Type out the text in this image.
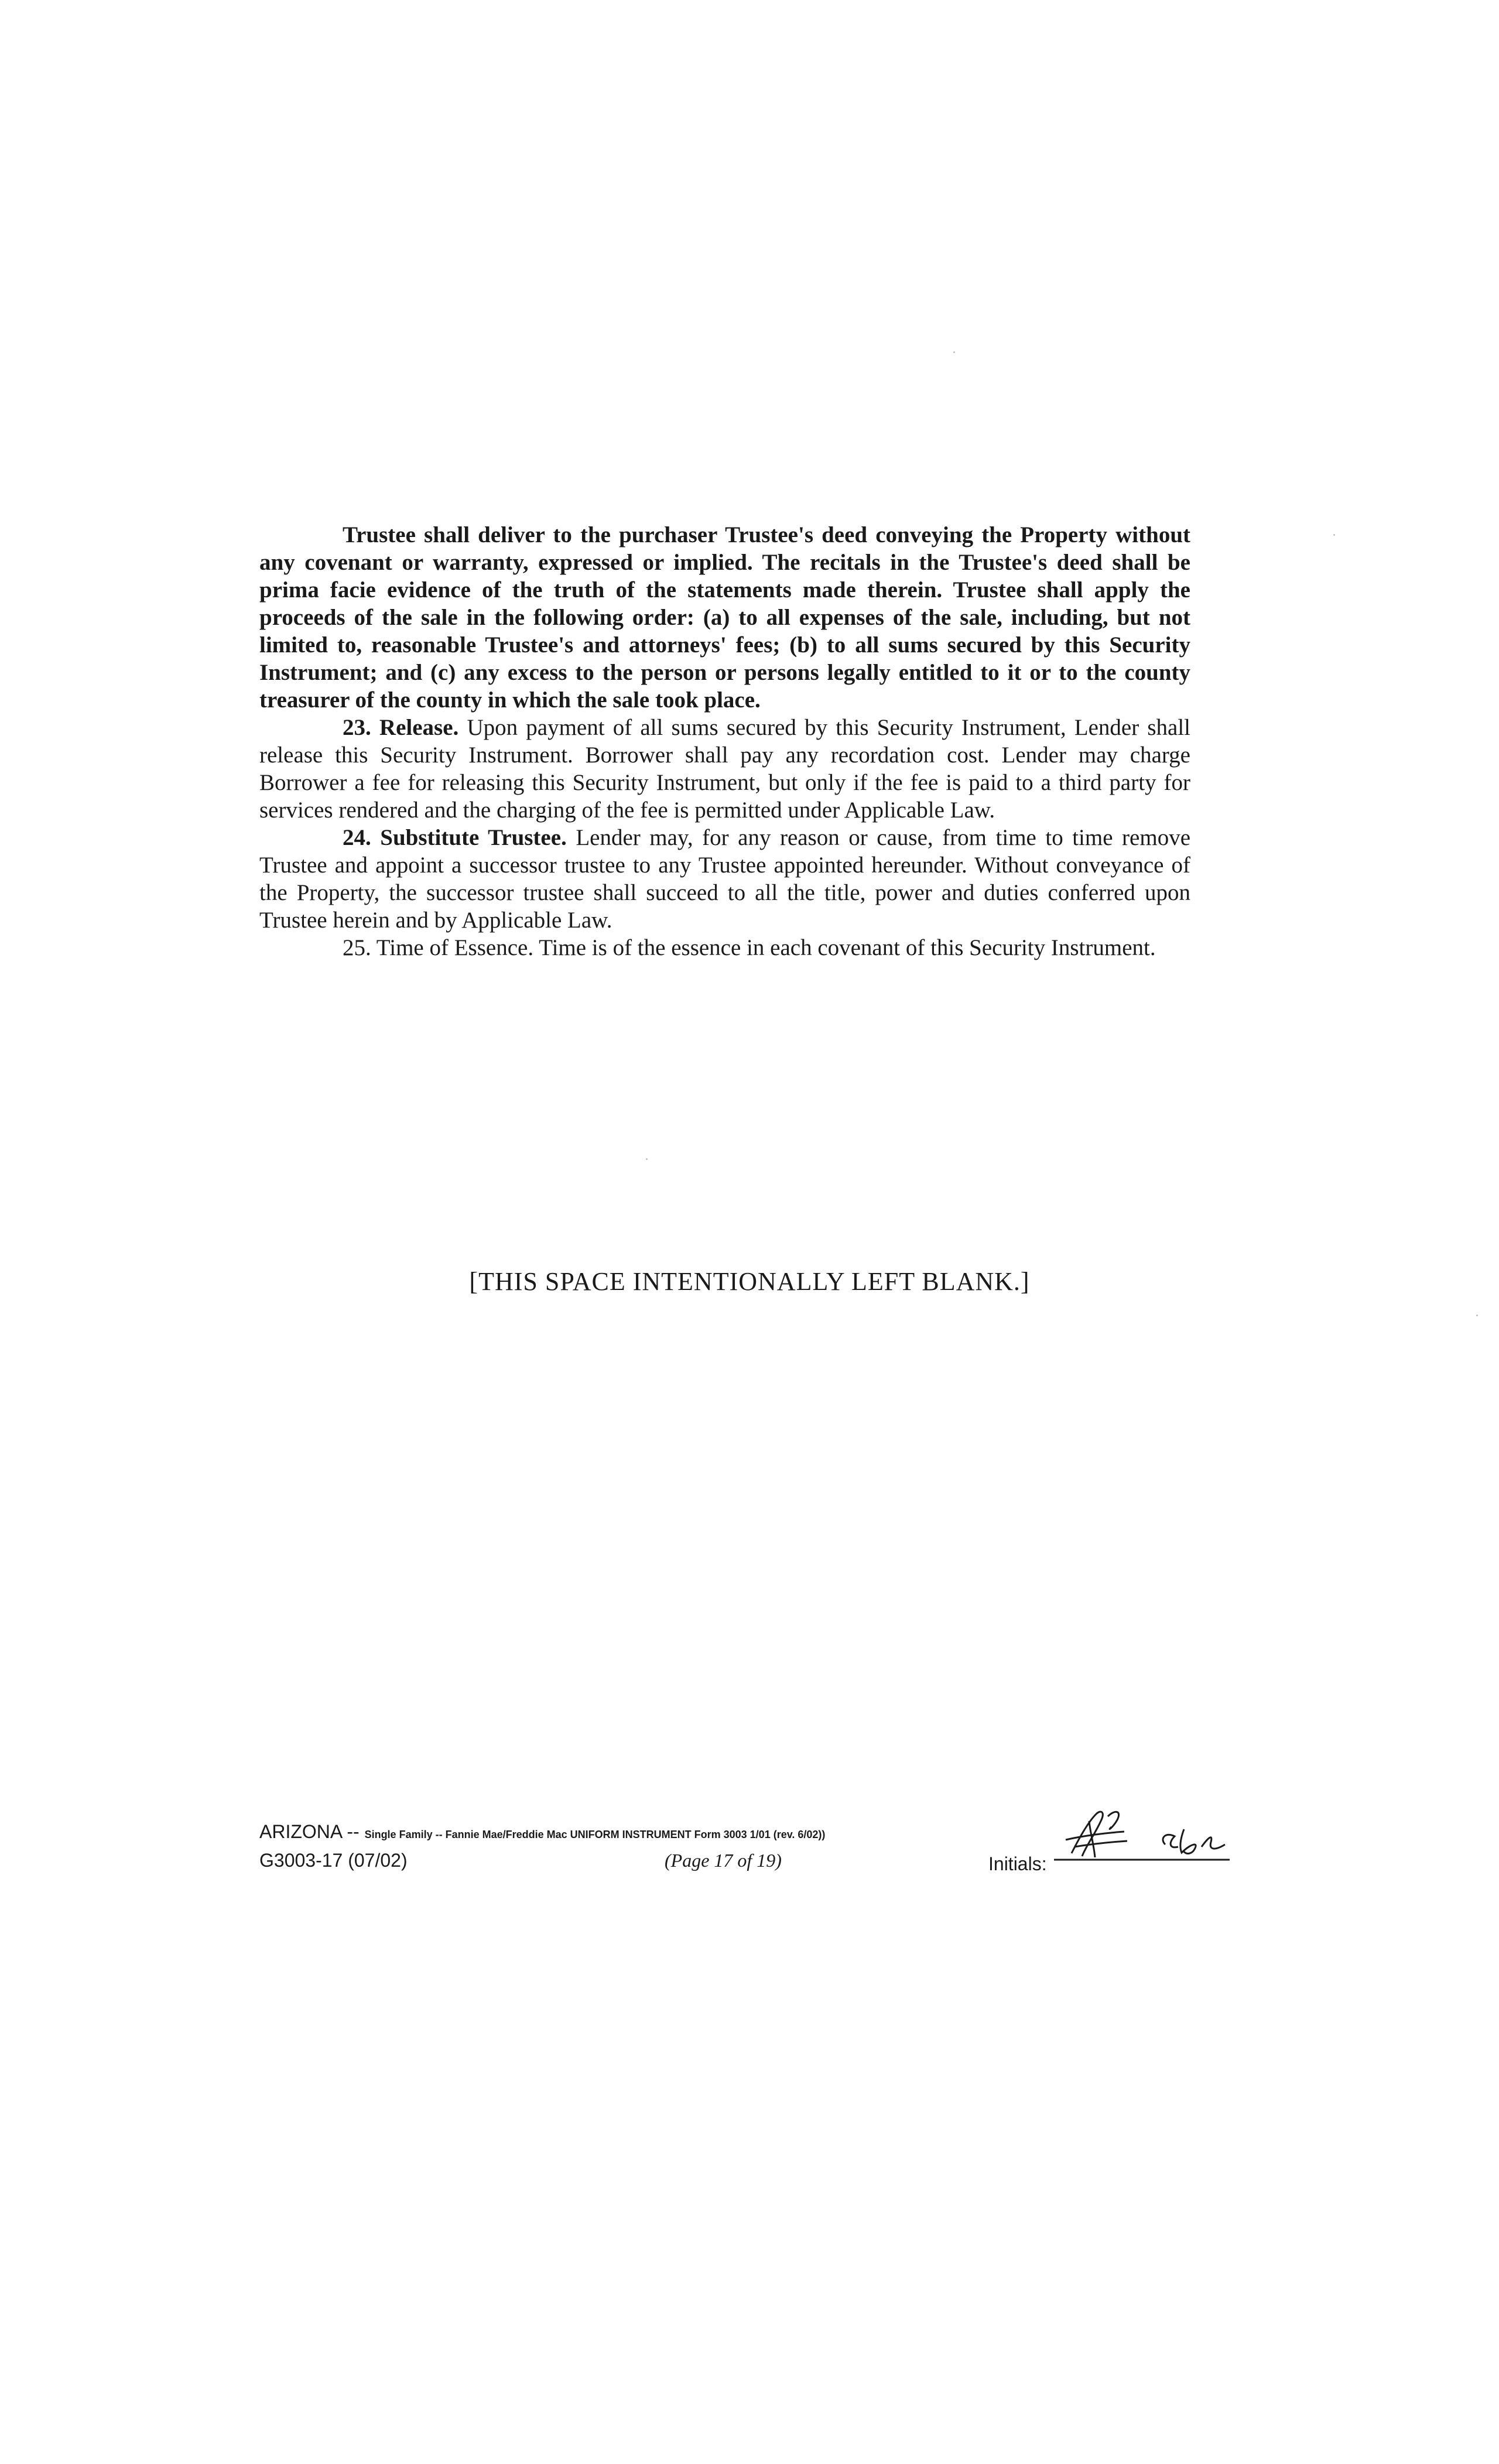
Trustee shall deliver to the purchaser Trustee's deed conveying the Property without any covenant or warranty, expressed or implied. The recitals in the Trustee's deed shall be prima facie evidence of the truth of the statements made therein. Trustee shall apply the proceeds of the sale in the following order: (a) to all expenses of the sale, including, but not limited to, reasonable Trustee's and attorneys' fees; (b) to all sums secured by this Security Instrument; and (c) any excess to the person or persons legally entitled to it or to the county treasurer of the county in which the sale took place.

23. Release. Upon payment of all sums secured by this Security Instrument, Lender shall release this Security Instrument. Borrower shall pay any recordation cost. Lender may charge Borrower a fee for releasing this Security Instrument, but only if the fee is paid to a third party for services rendered and the charging of the fee is permitted under Applicable Law.

24. Substitute Trustee. Lender may, for any reason or cause, from time to time remove Trustee and appoint a successor trustee to any Trustee appointed hereunder. Without conveyance of the Property, the successor trustee shall succeed to all the title, power and duties conferred upon Trustee herein and by Applicable Law.

25. Time of Essence. Time is of the essence in each covenant of this Security Instrument.

[THIS SPACE INTENTIONALLY LEFT BLANK.]
ARIZONA -- Single Family -- Fannie Mae/Freddie Mac UNIFORM INSTRUMENT Form 3003 1/01 (rev. 6/02))
G3003-17 (07/02)	(Page 17 of 19)	Initials:
